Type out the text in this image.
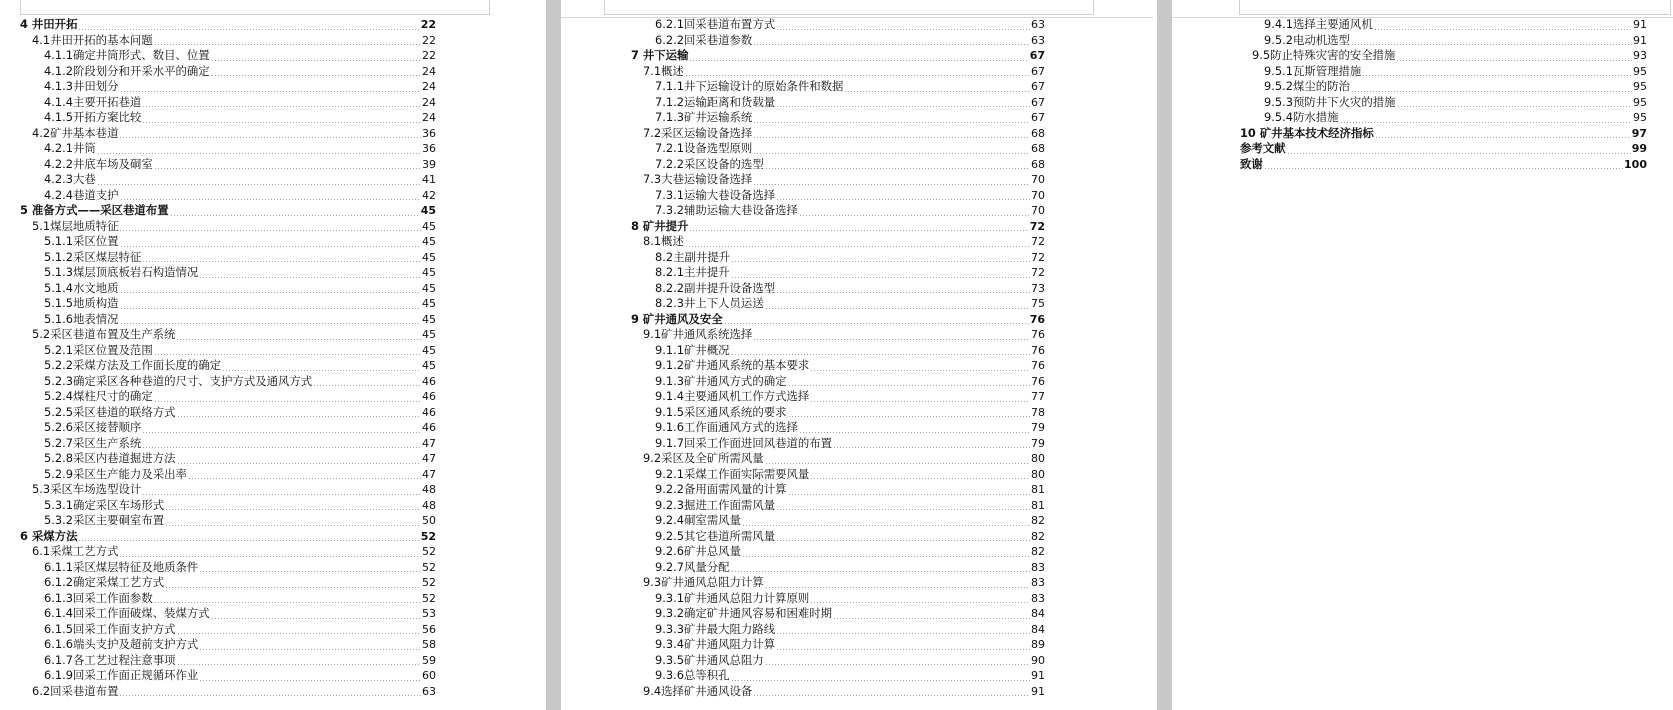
4 井田开拓	22
4.1井田开拓的基本问题	22
4.1.1确定井筒形式、数目、位置	22
4.1.2阶段划分和开采水平的确定	24
4.1.3井田划分	24
4.1.4主要开拓巷道	24
4.1.5开拓方案比较	24
4.2矿井基本巷道	36
4.2.1井筒	36
4.2.2井底车场及硐室	39
4.2.3大巷	41
4.2.4巷道支护	42
5 准备方式——采区巷道布置	45
5.1煤层地质特征	45
5.1.1采区位置	45
5.1.2采区煤层特征	45
5.1.3煤层顶底板岩石构造情况	45
5.1.4水文地质	45
5.1.5地质构造	45
5.1.6地表情况	45
5.2采区巷道布置及生产系统	45
5.2.1采区位置及范围	45
5.2.2采煤方法及工作面长度的确定	45
5.2.3确定采区各种巷道的尺寸、支护方式及通风方式	46
5.2.4煤柱尺寸的确定	46
5.2.5采区巷道的联络方式	46
5.2.6采区接替顺序	46
5.2.7采区生产系统	47
5.2.8采区内巷道掘进方法	47
5.2.9采区生产能力及采出率	47
5.3采区车场选型设计	48
5.3.1确定采区车场形式	48
5.3.2采区主要硐室布置	50
6 采煤方法	52
6.1采煤工艺方式	52
6.1.1采区煤层特征及地质条件	52
6.1.2确定采煤工艺方式	52
6.1.3回采工作面参数	52
6.1.4回采工作面破煤、装煤方式	53
6.1.5回采工作面支护方式	56
6.1.6端头支护及超前支护方式	58
6.1.7各工艺过程注意事项	59
6.1.9回采工作面正规循环作业	60
6.2回采巷道布置	63
6.2.1回采巷道布置方式	63
6.2.2回采巷道参数	63
7 井下运输	67
7.1概述	67
7.1.1井下运输设计的原始条件和数据	67
7.1.2运输距离和货载量	67
7.1.3矿井运输系统	67
7.2采区运输设备选择	68
7.2.1设备选型原则	68
7.2.2采区设备的选型	68
7.3大巷运输设备选择	70
7.3.1运输大巷设备选择	70
7.3.2辅助运输大巷设备选择	70
8 矿井提升	72
8.1概述	72
8.2主副井提升	72
8.2.1主井提升	72
8.2.2副井提升设备选型	73
8.2.3井上下人员运送	75
9 矿井通风及安全	76
9.1矿井通风系统选择	76
9.1.1矿井概况	76
9.1.2矿井通风系统的基本要求	76
9.1.3矿井通风方式的确定	76
9.1.4主要通风机工作方式选择	77
9.1.5采区通风系统的要求	78
9.1.6工作面通风方式的选择	79
9.1.7回采工作面进回风巷道的布置	79
9.2采区及全矿所需风量	80
9.2.1采煤工作面实际需要风量	80
9.2.2备用面需风量的计算	81
9.2.3掘进工作面需风量	81
9.2.4硐室需风量	82
9.2.5其它巷道所需风量	82
9.2.6矿井总风量	82
9.2.7风量分配	83
9.3矿井通风总阻力计算	83
9.3.1矿井通风总阻力计算原则	83
9.3.2确定矿井通风容易和困难时期	84
9.3.3矿井最大阻力路线	84
9.3.4矿井通风阻力计算	89
9.3.5矿井通风总阻力	90
9.3.6总等积孔	91
9.4选择矿井通风设备	91
9.4.1选择主要通风机	91
9.5.2电动机选型	91
9.5防止特殊灾害的安全措施	93
9.5.1瓦斯管理措施	95
9.5.2煤尘的防治	95
9.5.3预防井下火灾的措施	95
9.5.4防水措施	95
10 矿井基本技术经济指标	97
参考文献	99
致谢	100
